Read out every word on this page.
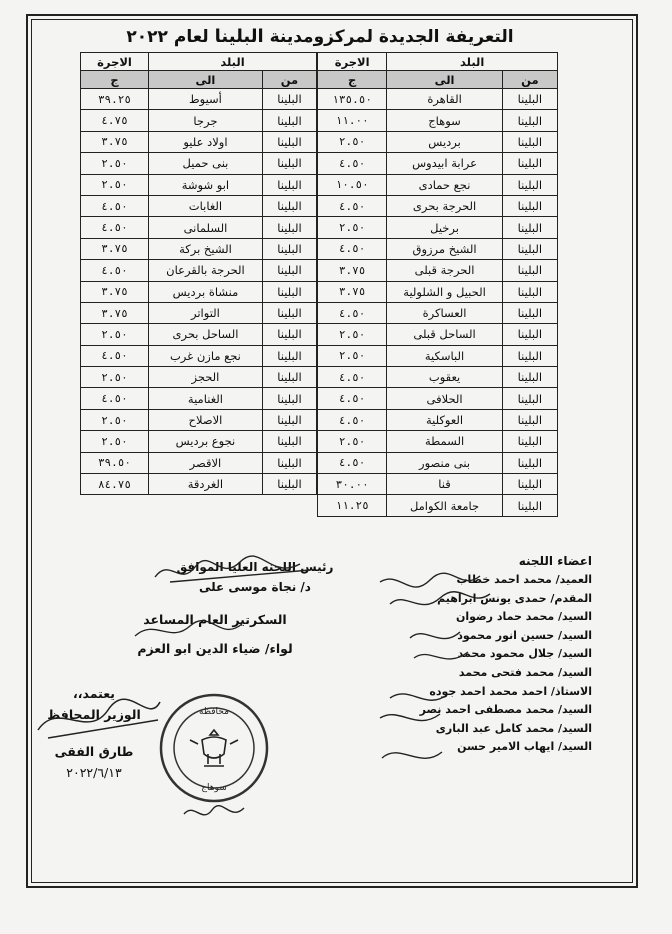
التعريفة الجديدة لمركزومدينة البلينا لعام ٢٠٢٢
البلد		الاجرة
من	الى	ج
البلينا	القاهرة	١٣٥.٥٠
البلينا	سوهاج	١١.٠٠
البلينا	برديس	٢.٥٠
البلينا	عرابة ابيدوس	٤.٥٠
البلينا	نجع حمادى	١٠.٥٠
البلينا	الحرجة بحرى	٤.٥٠
البلينا	برخيل	٢.٥٠
البلينا	الشيخ مرزوق	٤.٥٠
البلينا	الحرجة قبلى	٣.٧٥
البلينا	الحبيل و الشلولية	٣.٧٥
البلينا	العساكرة	٤.٥٠
البلينا	الساحل قبلى	٢.٥٠
البلينا	الباسكية	٢.٥٠
البلينا	يعقوب	٤.٥٠
البلينا	الحلافى	٤.٥٠
البلينا	العوكلية	٤.٥٠
البلينا	السمطة	٢.٥٠
البلينا	بنى منصور	٤.٥٠
البلينا	قنا	٣٠.٠٠
البلينا	جامعة الكوامل	١١.٢٥
البلد		الاجرة
من	الى	ج
البلينا	أسيوط	٣٩.٢٥
البلينا	جرجا	٤.٧٥
البلينا	اولاد عليو	٣.٧٥
البلينا	بنى حميل	٢.٥٠
البلينا	ابو شوشة	٢.٥٠
البلينا	الغابات	٤.٥٠
البلينا	السلمانى	٤.٥٠
البلينا	الشيخ بركة	٣.٧٥
البلينا	الحرجة بالقرعان	٤.٥٠
البلينا	منشاة برديس	٣.٧٥
البلينا	التواتر	٣.٧٥
البلينا	الساحل بحرى	٢.٥٠
البلينا	نجع مازن غرب	٤.٥٠
البلينا	الحجز	٢.٥٠
البلينا	الغنامية	٤.٥٠
البلينا	الاصلاح	٢.٥٠
البلينا	نجوع برديس	٢.٥٠
البلينا	الاقصر	٣٩.٥٠
البلينا	الغردقة	٨٤.٧٥
اعضاء اللجنه
العميد/ محمد احمد خطاب
المقدم/ حمدى يونس ابراهيم
السيد/ محمد حماد رضوان
السيد/ حسين انور محمود
السيد/ جلال محمود محمد
السيد/ محمد فتحى محمد
الاستاذ/ احمد محمد احمد جوده
السيد/ محمد مصطفى احمد نصر
السيد/ محمد كامل عبد البارى
السيد/ ايهاب الامير حسن
رئيس اللجنه العليا الموافق
د/ نجاة موسى على
السكرتير العام المساعد
لواء/ ضياء الدين ابو العزم
يعتمد،،
الوزير المحافظ
طارق الفقى
٢٠٢٢/٦/١٣
محافظة
سوهاج
